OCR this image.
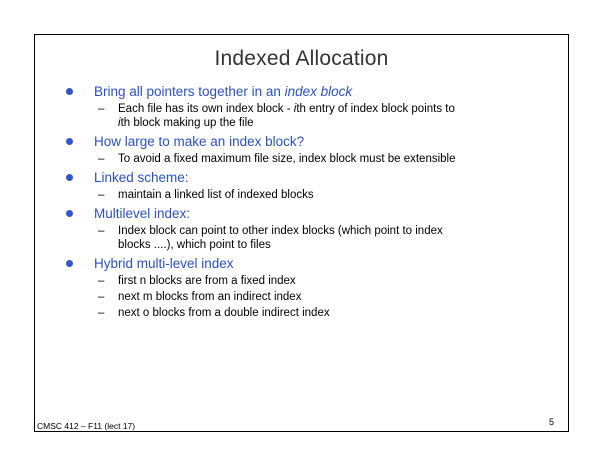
Indexed Allocation
Bring all pointers together in an index block
– Each file has its own index block - ith entry of index block points to
ith block making up the file
How large to make an index block?
– To avoid a fixed maximum file size, index block must be extensible
Linked scheme:
– maintain a linked list of indexed blocks
Multilevel index:
– Index block can point to other index blocks (which point to index
blocks ....), which point to files
Hybrid multi-level index
– first n blocks are from a fixed index
– next m blocks from an indirect index
– next o blocks from a double indirect index
CMSC 412 – F11 (lect 17)	5
